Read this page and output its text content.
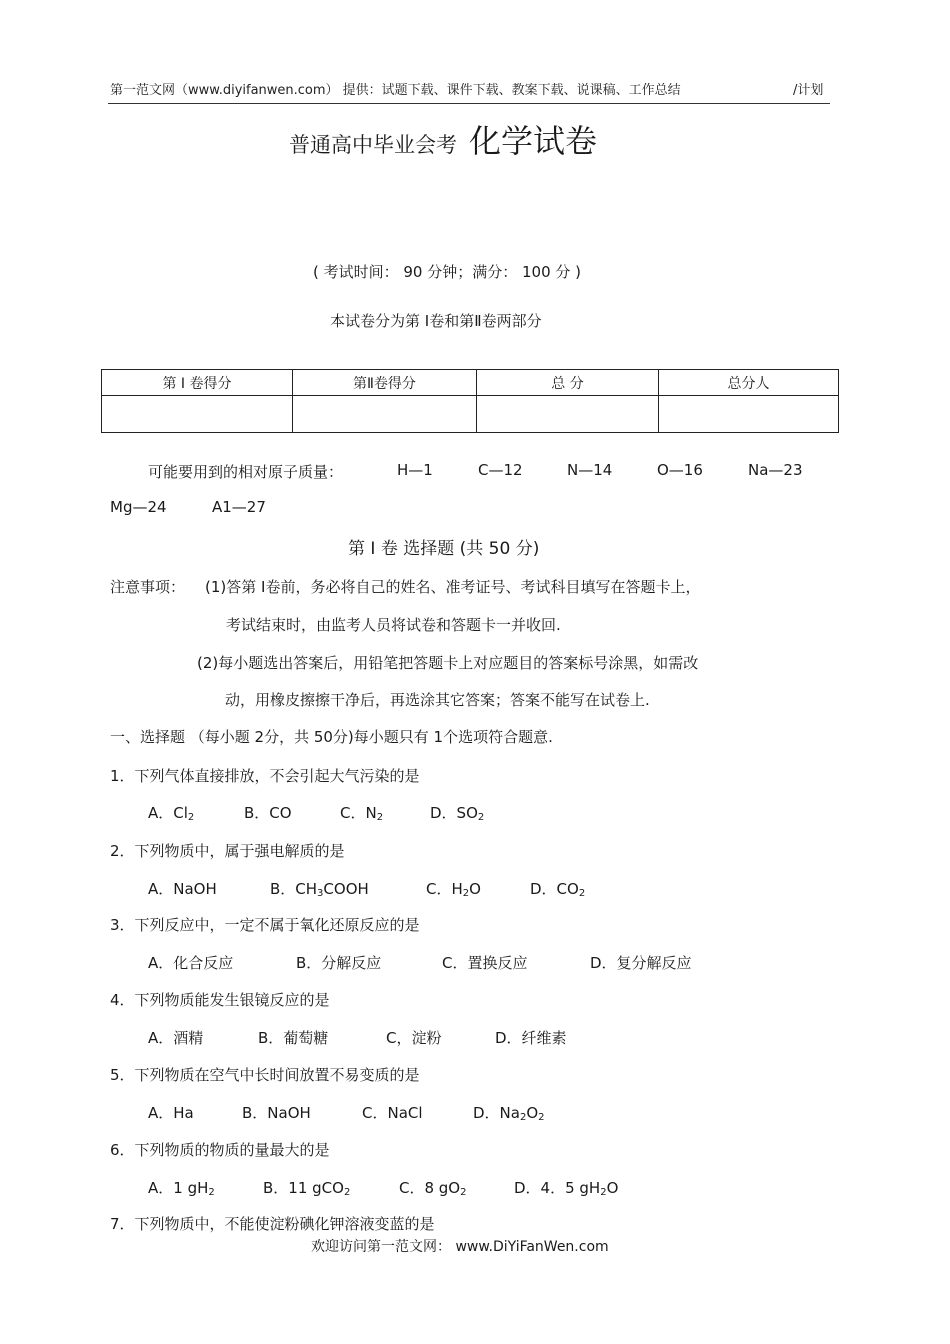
第一范文网（www.diyifanwen.com） 提供：试题下载、课件下载、教案下载、说课稿、工作总结	/计划
普通高中毕业会考 化学试卷
( 考试时间： 90 分钟；满分： 100 分 )
本试卷分为第 Ⅰ卷和第Ⅱ卷两部分
第 Ⅰ 卷得分	第Ⅱ卷得分	总 分	总分人

可能要用到的相对原子质量：	H—1	C—12	N—14	O—16	Na—23
Mg—24	A1—27
第 Ⅰ 卷 选择题 (共 50 分)
注意事项： (1)答第 Ⅰ卷前，务必将自己的姓名、准考证号、考试科目填写在答题卡上，
考试结束时，由监考人员将试卷和答题卡一并收回.
(2)每小题选出答案后，用铅笔把答题卡上对应题目的答案标号涂黑，如需改
动，用橡皮擦擦干净后，再选涂其它答案；答案不能写在试卷上.
一、选择题 （每小题 2分，共 50分)每小题只有 1个选项符合题意.
1．下列气体直接排放，不会引起大气污染的是
A．$Cl_2$	B．CO	C．$N_2$	D．$SO_2$
2．下列物质中，属于强电解质的是
A．NaOH	B．$CH_3COOH$	C．$H_2O$	D．$CO_2$
3．下列反应中，一定不属于氧化还原反应的是
A．化合反应	B．分解反应	C．置换反应	D．复分解反应
4．下列物质能发生银镜反应的是
A．酒精	B．葡萄糖	C，淀粉	D．纤维素
5．下列物质在空气中长时间放置不易变质的是
A．Ha	B．NaOH	C．NaCl	D．$Na_2O_2$
6．下列物质的物质的量最大的是
A．1 $gH_2$	B．11 gCO$_2$	C．8 $gO_2$	D．4．5 $gH_2O$
7．下列物质中，不能使淀粉碘化钾溶液变蓝的是
欢迎访问第一范文网： www.DiYiFanWen.com
